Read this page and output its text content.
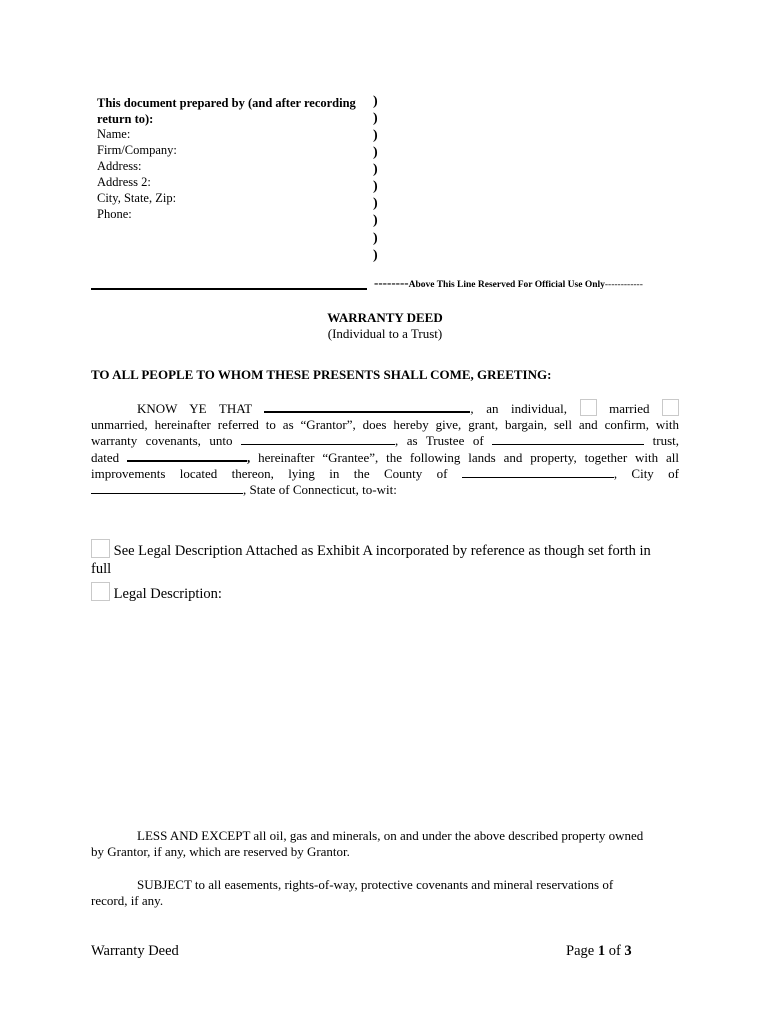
This document prepared by (and after recording
return to):
Name:
Firm/Company:
Address:
Address 2:
City, State, Zip:
Phone:
)
)
)
)
)
)
)
)
)
)
--------Above This Line Reserved For Official Use Only------------
WARRANTY DEED
(Individual to a Trust)
TO ALL PEOPLE TO WHOM THESE PRESENTS SHALL COME, GREETING:
KNOW YE THAT	, an individual,	married
unmarried, hereinafter referred to as “Grantor”, does hereby give, grant, bargain, sell and confirm, with
warranty covenants, unto	, as Trustee of	trust,
dated	, hereinafter “Grantee”, the following lands and property, together with all
improvements located thereon, lying in the County of	, City of
, State of Connecticut, to-wit:
See Legal Description Attached as Exhibit A incorporated by reference as though set forth in
full
Legal Description:
LESS AND EXCEPT all oil, gas and minerals, on and under the above described property owned
by Grantor, if any, which are reserved by Grantor.
SUBJECT to all easements, rights-of-way, protective covenants and mineral reservations of
record, if any.
Warranty Deed	Page 1 of 3
